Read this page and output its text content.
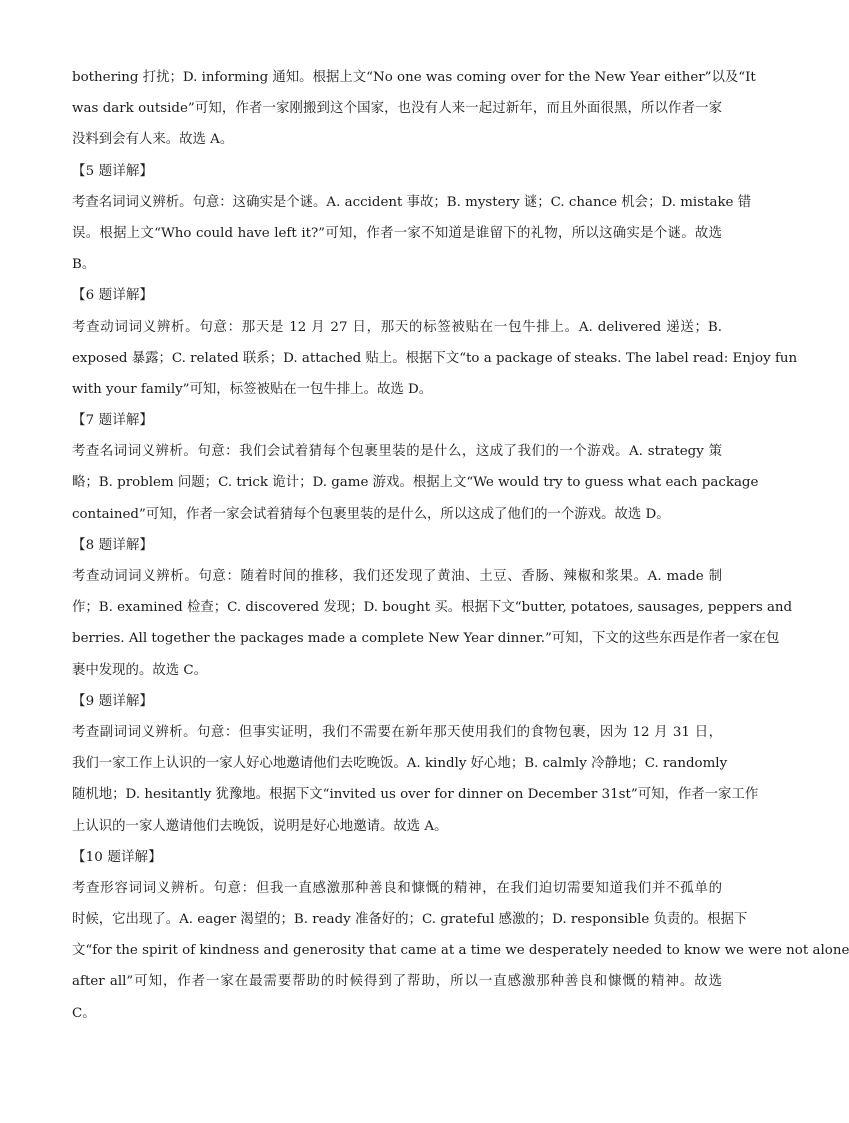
bothering 打扰；D. informing 通知。根据上文“No one was coming over for the New Year either”以及“It
was dark outside”可知，作者一家刚搬到这个国家，也没有人来一起过新年，而且外面很黑，所以作者一家
没料到会有人来。故选 A。
【5 题详解】
考查名词词义辨析。句意：这确实是个谜。A. accident 事故；B. mystery 谜；C. chance 机会；D. mistake 错
误。根据上文“Who could have left it?”可知，作者一家不知道是谁留下的礼物，所以这确实是个谜。故选
B。
【6 题详解】
考查动词词义辨析。句意：那天是 12 月 27 日，那天的标签被贴在一包牛排上。A. delivered 递送；B.
exposed 暴露；C. related 联系；D. attached 贴上。根据下文“to a package of steaks. The label read: Enjoy fun
with your family”可知，标签被贴在一包牛排上。故选 D。
【7 题详解】
考查名词词义辨析。句意：我们会试着猜每个包裹里装的是什么，这成了我们的一个游戏。A. strategy 策
略；B. problem 问题；C. trick 诡计；D. game 游戏。根据上文“We would try to guess what each package
contained”可知，作者一家会试着猜每个包裹里装的是什么，所以这成了他们的一个游戏。故选 D。
【8 题详解】
考查动词词义辨析。句意：随着时间的推移，我们还发现了黄油、土豆、香肠、辣椒和浆果。A. made 制
作；B. examined 检查；C. discovered 发现；D. bought 买。根据下文“butter, potatoes, sausages, peppers and
berries. All together the packages made a complete New Year dinner.”可知，下文的这些东西是作者一家在包
裹中发现的。故选 C。
【9 题详解】
考查副词词义辨析。句意：但事实证明，我们不需要在新年那天使用我们的食物包裹，因为 12 月 31 日，
我们一家工作上认识的一家人好心地邀请他们去吃晚饭。A. kindly 好心地；B. calmly 冷静地；C. randomly
随机地；D. hesitantly 犹豫地。根据下文“invited us over for dinner on December 31st”可知，作者一家工作
上认识的一家人邀请他们去晚饭，说明是好心地邀请。故选 A。
【10 题详解】
考查形容词词义辨析。句意：但我一直感激那种善良和慷慨的精神，在我们迫切需要知道我们并不孤单的
时候，它出现了。A. eager 渴望的；B. ready 准备好的；C. grateful 感激的；D. responsible 负责的。根据下
文“for the spirit of kindness and generosity that came at a time we desperately needed to know we were not alone
after all”可知，作者一家在最需要帮助的时候得到了帮助，所以一直感激那种善良和慷慨的精神。故选
C。
